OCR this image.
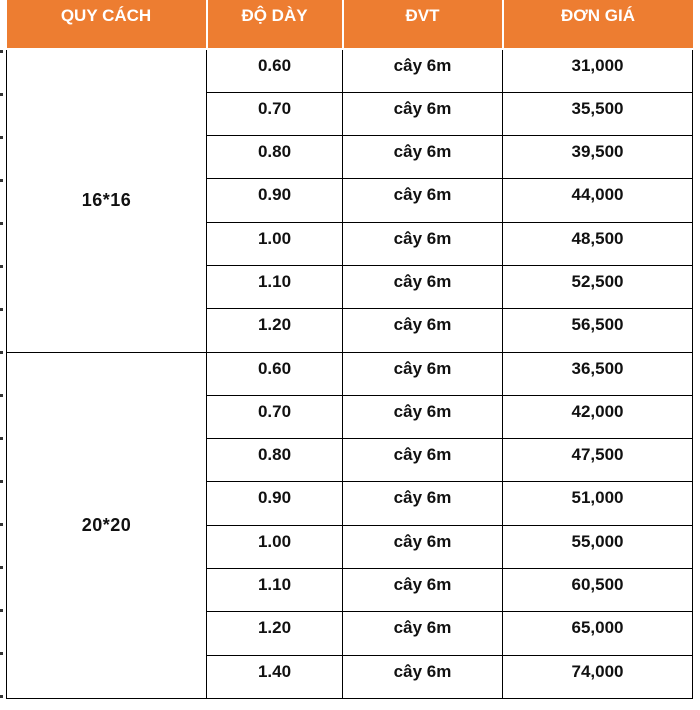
QUY CÁCH	ĐỘ DÀY	ĐVT	ĐƠN GIÁ
16*16	0.60	cây 6m	31,000
	0.70	cây 6m	35,500
	0.80	cây 6m	39,500
	0.90	cây 6m	44,000
	1.00	cây 6m	48,500
	1.10	cây 6m	52,500
	1.20	cây 6m	56,500
20*20	0.60	cây 6m	36,500
	0.70	cây 6m	42,000
	0.80	cây 6m	47,500
	0.90	cây 6m	51,000
	1.00	cây 6m	55,000
	1.10	cây 6m	60,500
	1.20	cây 6m	65,000
	1.40	cây 6m	74,000
